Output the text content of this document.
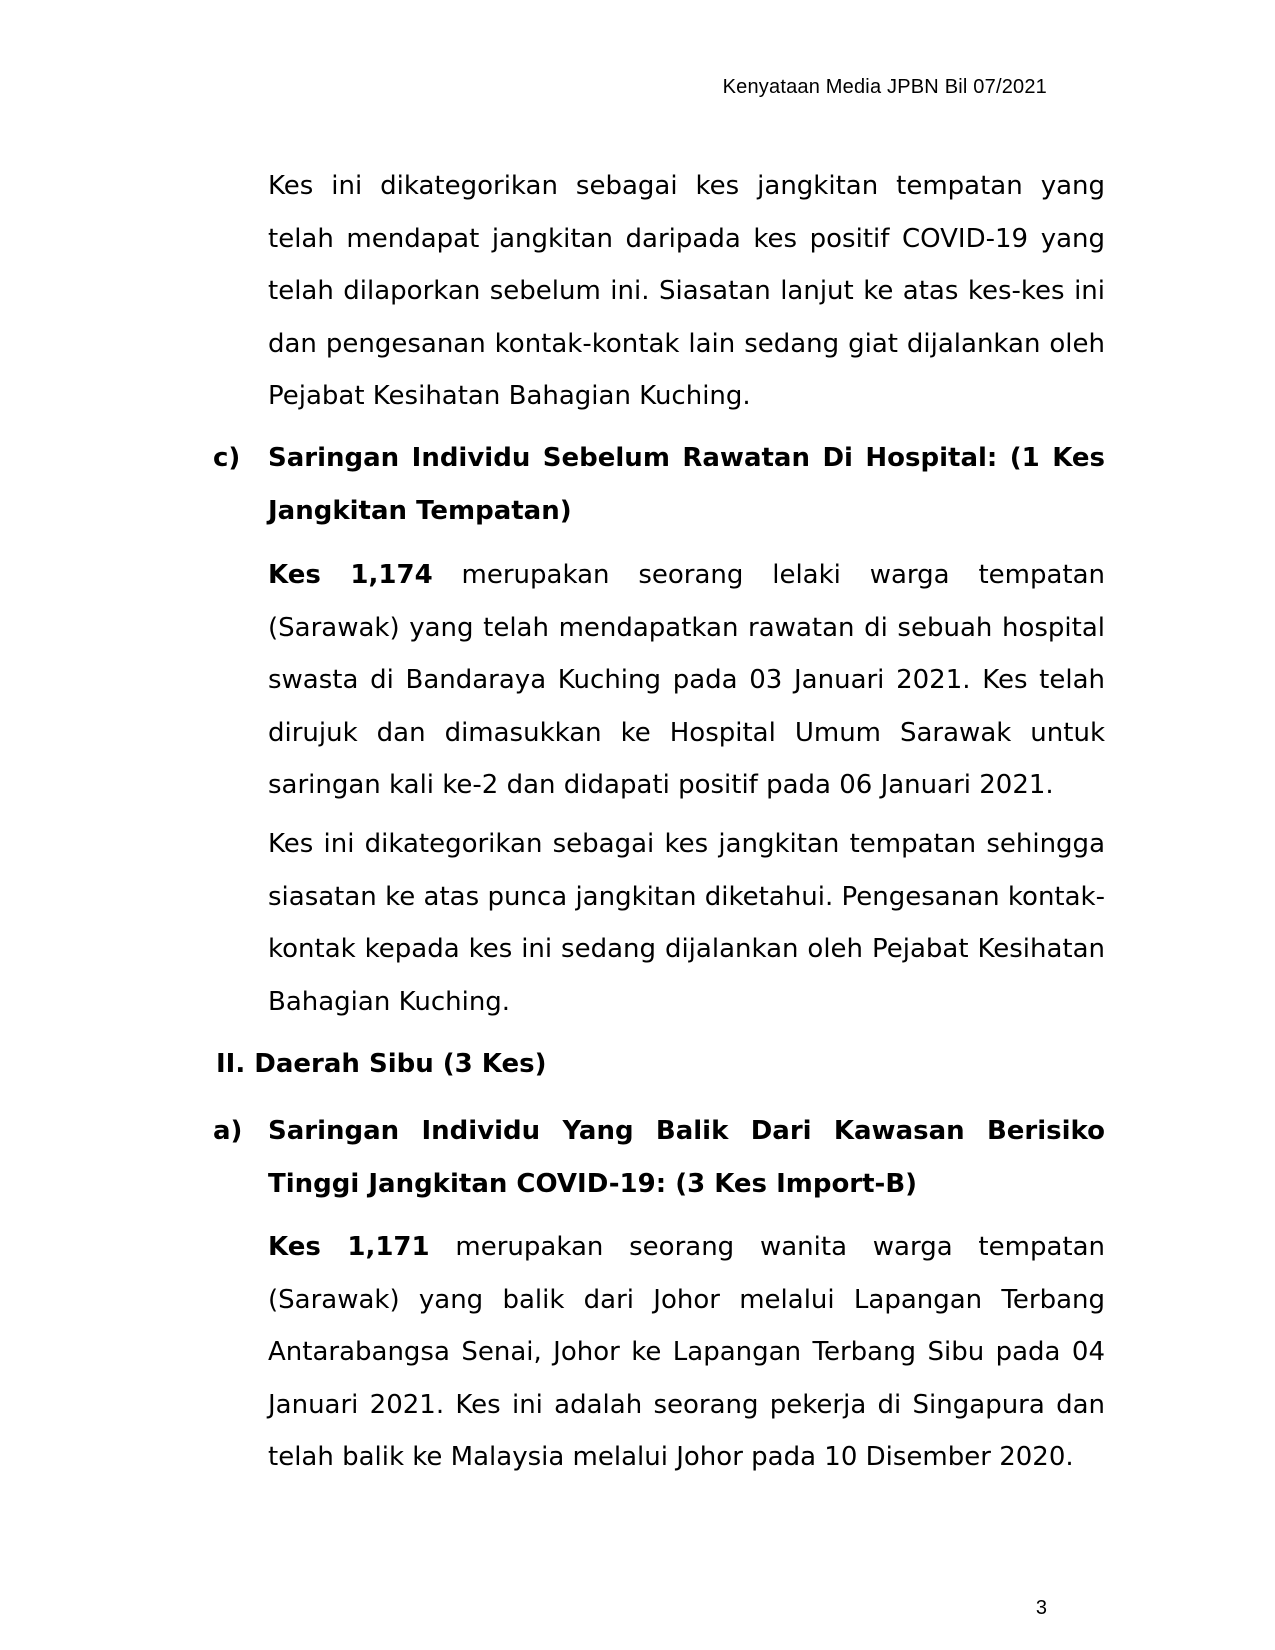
Kenyataan Media JPBN Bil 07/2021

Kes ini dikategorikan sebagai kes jangkitan tempatan yang telah mendapat jangkitan daripada kes positif COVID-19 yang telah dilaporkan sebelum ini. Siasatan lanjut ke atas kes-kes ini dan pengesanan kontak-kontak lain sedang giat dijalankan oleh Pejabat Kesihatan Bahagian Kuching.

c) Saringan Individu Sebelum Rawatan Di Hospital: (1 Kes Jangkitan Tempatan)

Kes 1,174 merupakan seorang lelaki warga tempatan (Sarawak) yang telah mendapatkan rawatan di sebuah hospital swasta di Bandaraya Kuching pada 03 Januari 2021. Kes telah dirujuk dan dimasukkan ke Hospital Umum Sarawak untuk saringan kali ke-2 dan didapati positif pada 06 Januari 2021.

Kes ini dikategorikan sebagai kes jangkitan tempatan sehingga siasatan ke atas punca jangkitan diketahui. Pengesanan kontak-kontak kepada kes ini sedang dijalankan oleh Pejabat Kesihatan Bahagian Kuching.

II. Daerah Sibu (3 Kes)
a) Saringan Individu Yang Balik Dari Kawasan Berisiko Tinggi Jangkitan COVID-19: (3 Kes Import-B)

Kes 1,171 merupakan seorang wanita warga tempatan (Sarawak) yang balik dari Johor melalui Lapangan Terbang Antarabangsa Senai, Johor ke Lapangan Terbang Sibu pada 04 Januari 2021. Kes ini adalah seorang pekerja di Singapura dan telah balik ke Malaysia melalui Johor pada 10 Disember 2020.

3
